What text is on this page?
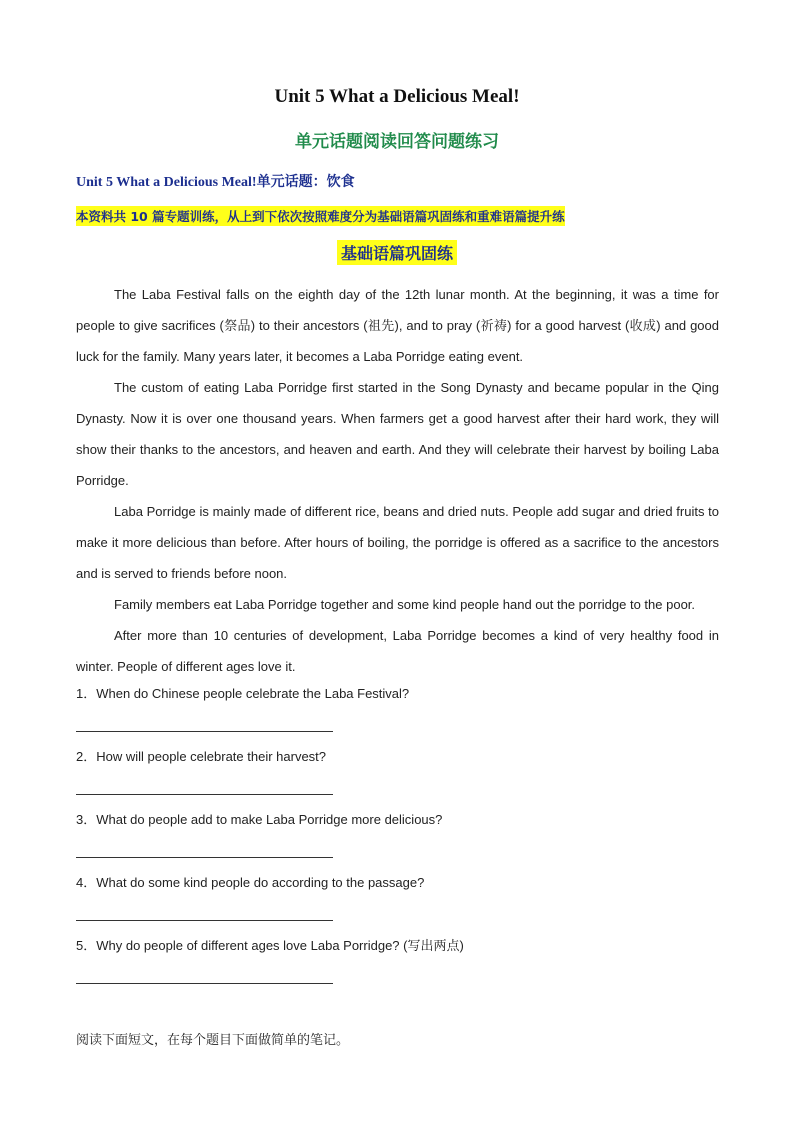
Unit 5 What a Delicious Meal!
单元话题阅读回答问题练习
Unit 5 What a Delicious Meal!单元话题：饮食
本资料共 10 篇专题训练，从上到下依次按照难度分为基础语篇巩固练和重难语篇提升练
基础语篇巩固练

The Laba Festival falls on the eighth day of the 12th lunar month. At the beginning, it was a time for people to give sacrifices (祭品) to their ancestors (祖先), and to pray (祈祷) for a good harvest (收成) and good luck for the family. Many years later, it becomes a Laba Porridge eating event.

The custom of eating Laba Porridge first started in the Song Dynasty and became popular in the Qing Dynasty. Now it is over one thousand years. When farmers get a good harvest after their hard work, they will show their thanks to the ancestors, and heaven and earth. And they will celebrate their harvest by boiling Laba Porridge.

Laba Porridge is mainly made of different rice, beans and dried nuts. People add sugar and dried fruits to make it more delicious than before. After hours of boiling, the porridge is offered as a sacrifice to the ancestors and is served to friends before noon.

Family members eat Laba Porridge together and some kind people hand out the porridge to the poor.

After more than 10 centuries of development, Laba Porridge becomes a kind of very healthy food in winter. People of different ages love it.

1．When do Chinese people celebrate the Laba Festival?
2．How will people celebrate their harvest?
3．What do people add to make Laba Porridge more delicious?
4．What do some kind people do according to the passage?
5．Why do people of different ages love Laba Porridge? (写出两点)
阅读下面短文，在每个题目下面做简单的笔记。
